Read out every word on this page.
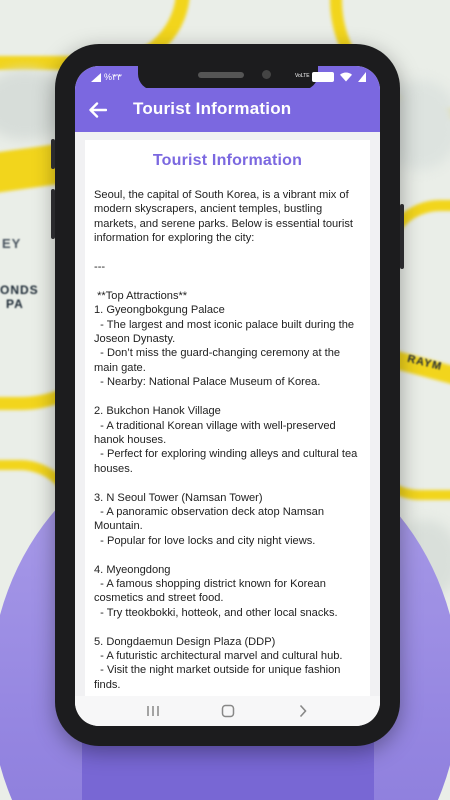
EY
ONDS
PA
RAYM
%٣٣	VoLTE
Tourist Information
Tourist Information
Seoul, the capital of South Korea, is a vibrant mix of modern skyscrapers, ancient temples, bustling markets, and serene parks. Below is essential tourist information for exploring the city:

---

**Top Attractions**
1. Gyeongbokgung Palace
- The largest and most iconic palace built during the Joseon Dynasty.
- Don’t miss the guard-changing ceremony at the main gate.
- Nearby: National Palace Museum of Korea.

2. Bukchon Hanok Village
- A traditional Korean village with well-preserved hanok houses.
- Perfect for exploring winding alleys and cultural tea houses.

3. N Seoul Tower (Namsan Tower)
- A panoramic observation deck atop Namsan Mountain.
- Popular for love locks and city night views.

4. Myeongdong
- A famous shopping district known for Korean cosmetics and street food.
- Try tteokbokki, hotteok, and other local snacks.

5. Dongdaemun Design Plaza (DDP)
- A futuristic architectural marvel and cultural hub.
- Visit the night market outside for unique fashion finds.
